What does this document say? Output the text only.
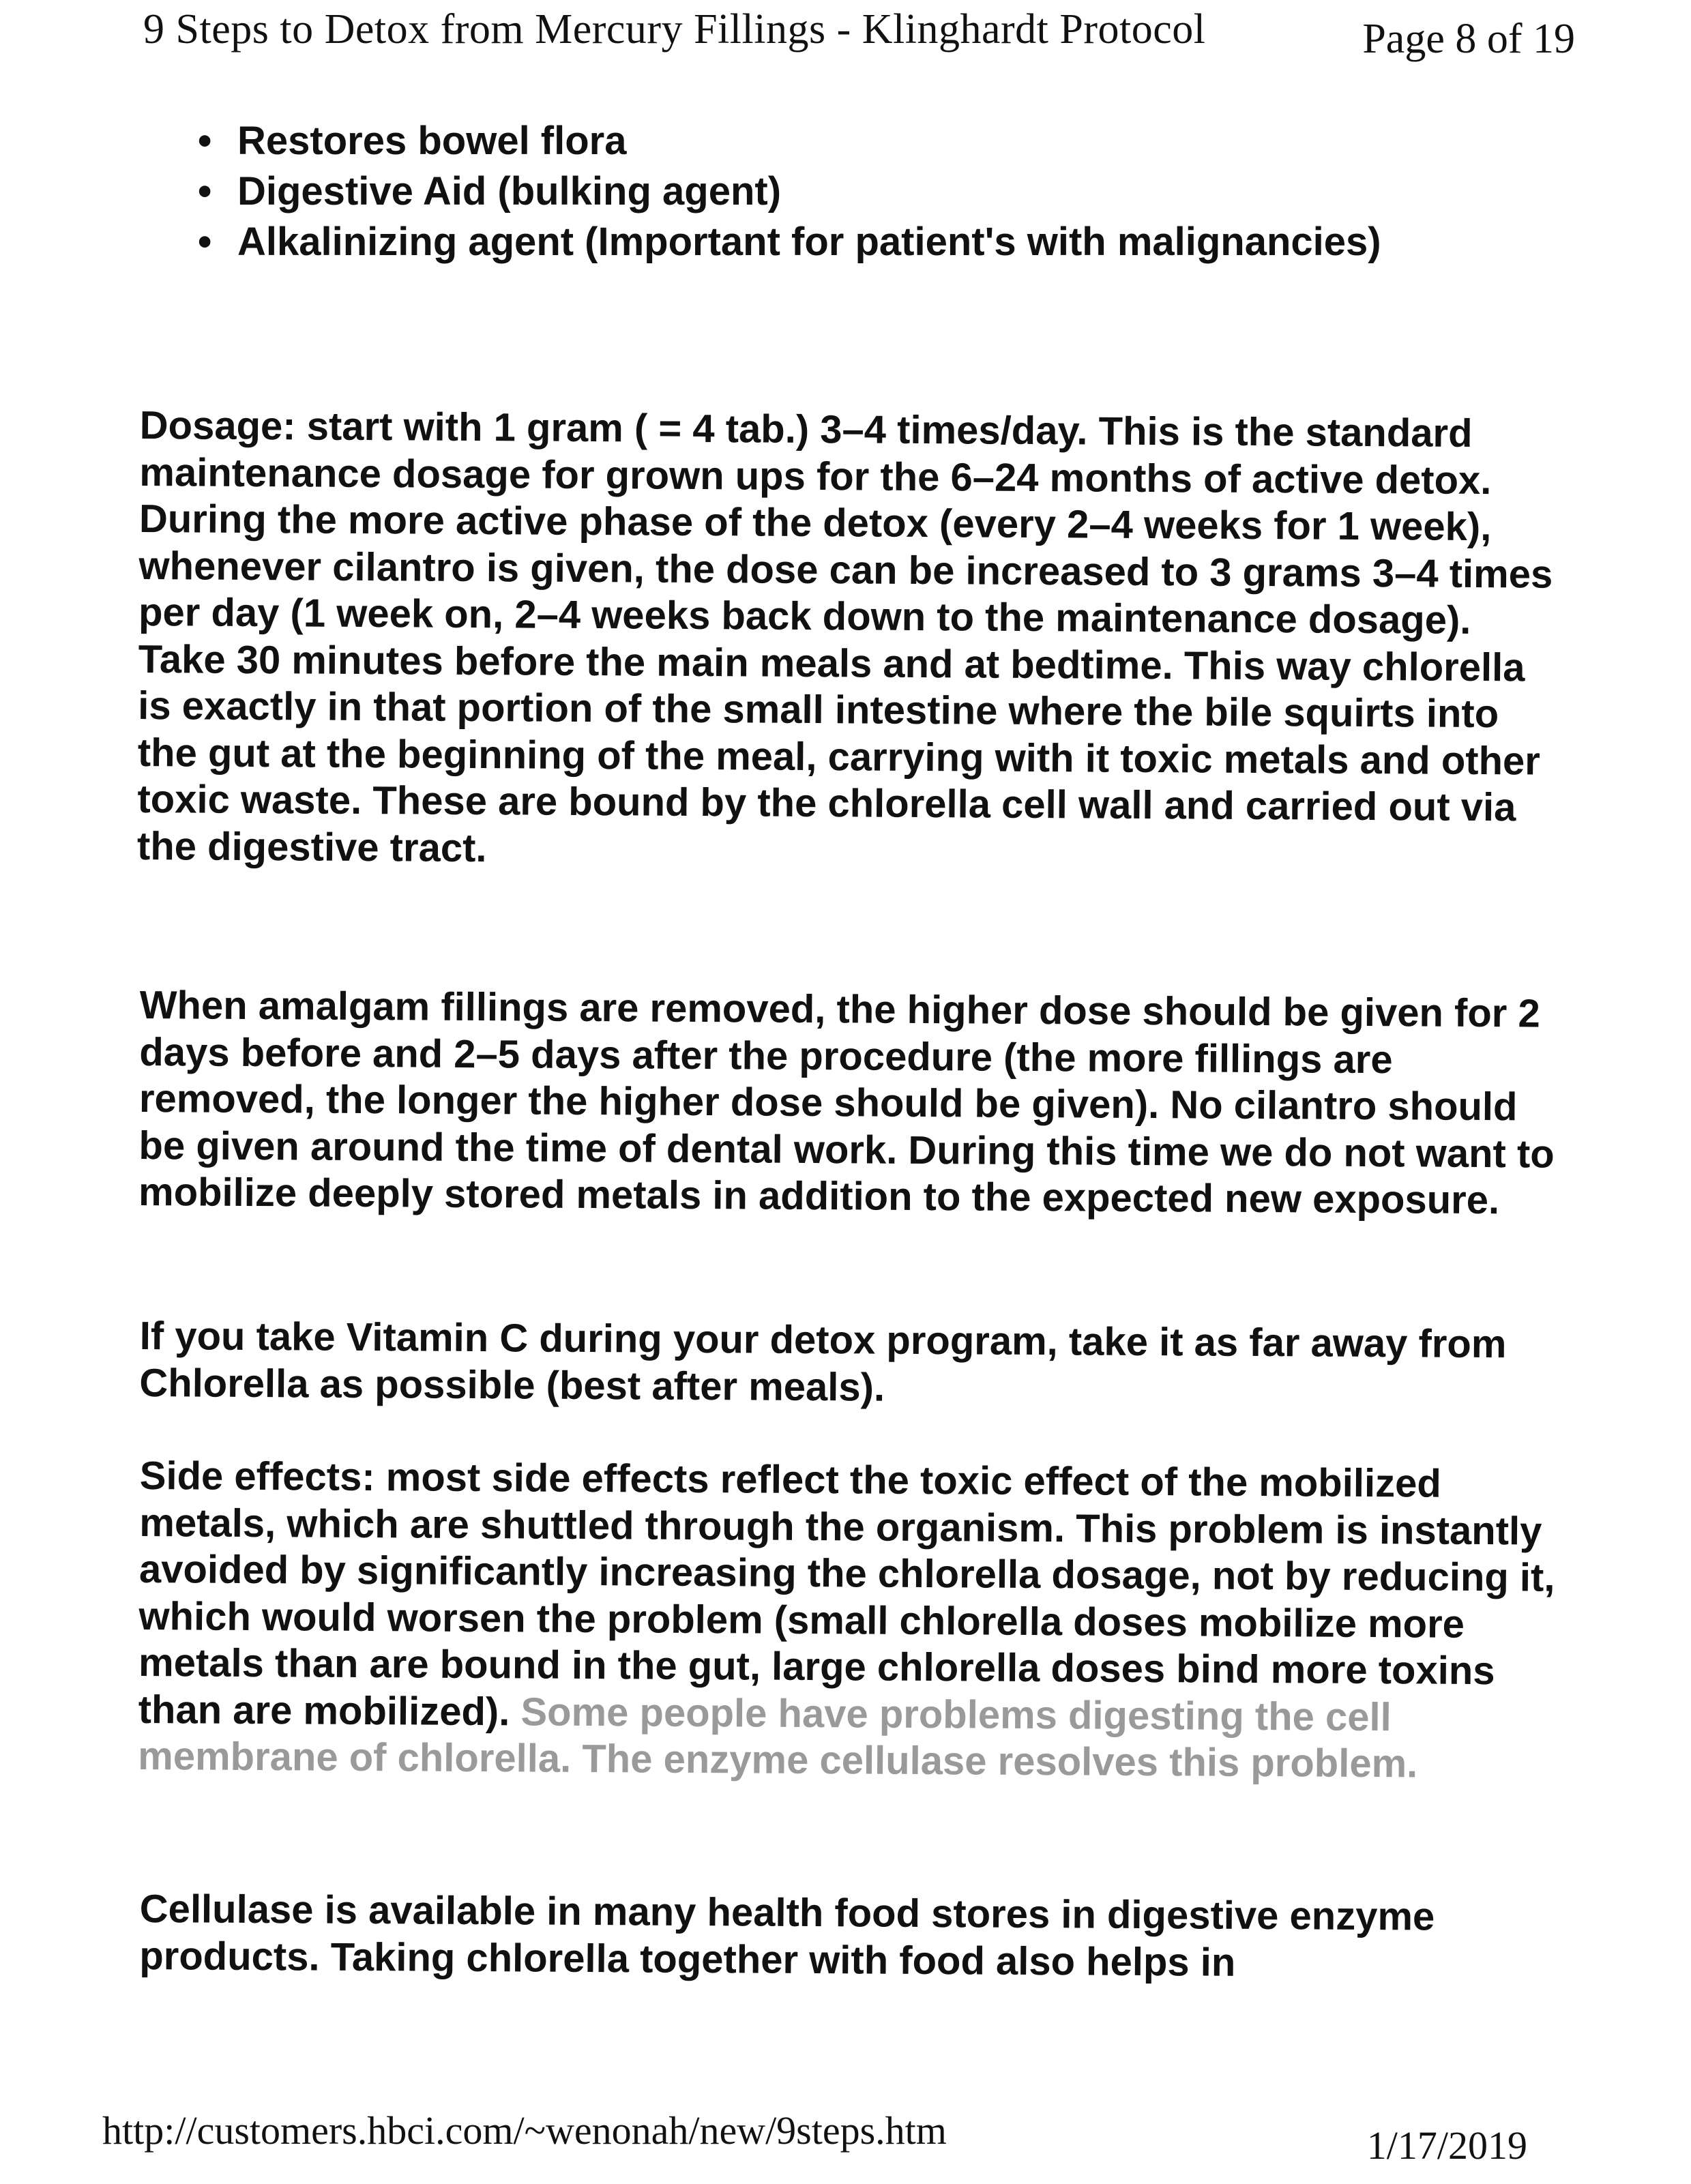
9 Steps to Detox from Mercury Fillings - Klinghardt Protocol	Page 8 of 19
• Restores bowel flora
• Digestive Aid (bulking agent)
• Alkalinizing agent (Important for patient's with malignancies)

Dosage: start with 1 gram ( = 4 tab.) 3–4 times/day. This is the standard maintenance dosage for grown ups for the 6–24 months of active detox. During the more active phase of the detox (every 2–4 weeks for 1 week), whenever cilantro is given, the dose can be increased to 3 grams 3–4 times per day (1 week on, 2–4 weeks back down to the maintenance dosage). Take 30 minutes before the main meals and at bedtime. This way chlorella is exactly in that portion of the small intestine where the bile squirts into the gut at the beginning of the meal, carrying with it toxic metals and other toxic waste. These are bound by the chlorella cell wall and carried out via the digestive tract.

When amalgam fillings are removed, the higher dose should be given for 2 days before and 2–5 days after the procedure (the more fillings are removed, the longer the higher dose should be given). No cilantro should be given around the time of dental work. During this time we do not want to mobilize deeply stored metals in addition to the expected new exposure.

If you take Vitamin C during your detox program, take it as far away from Chlorella as possible (best after meals).

Side effects: most side effects reflect the toxic effect of the mobilized metals, which are shuttled through the organism. This problem is instantly avoided by significantly increasing the chlorella dosage, not by reducing it, which would worsen the problem (small chlorella doses mobilize more metals than are bound in the gut, large chlorella doses bind more toxins than are mobilized). Some people have problems digesting the cell membrane of chlorella. The enzyme cellulase resolves this problem.

Cellulase is available in many health food stores in digestive enzyme products. Taking chlorella together with food also helps in

http://customers.hbci.com/~wenonah/new/9steps.htm	1/17/2019
